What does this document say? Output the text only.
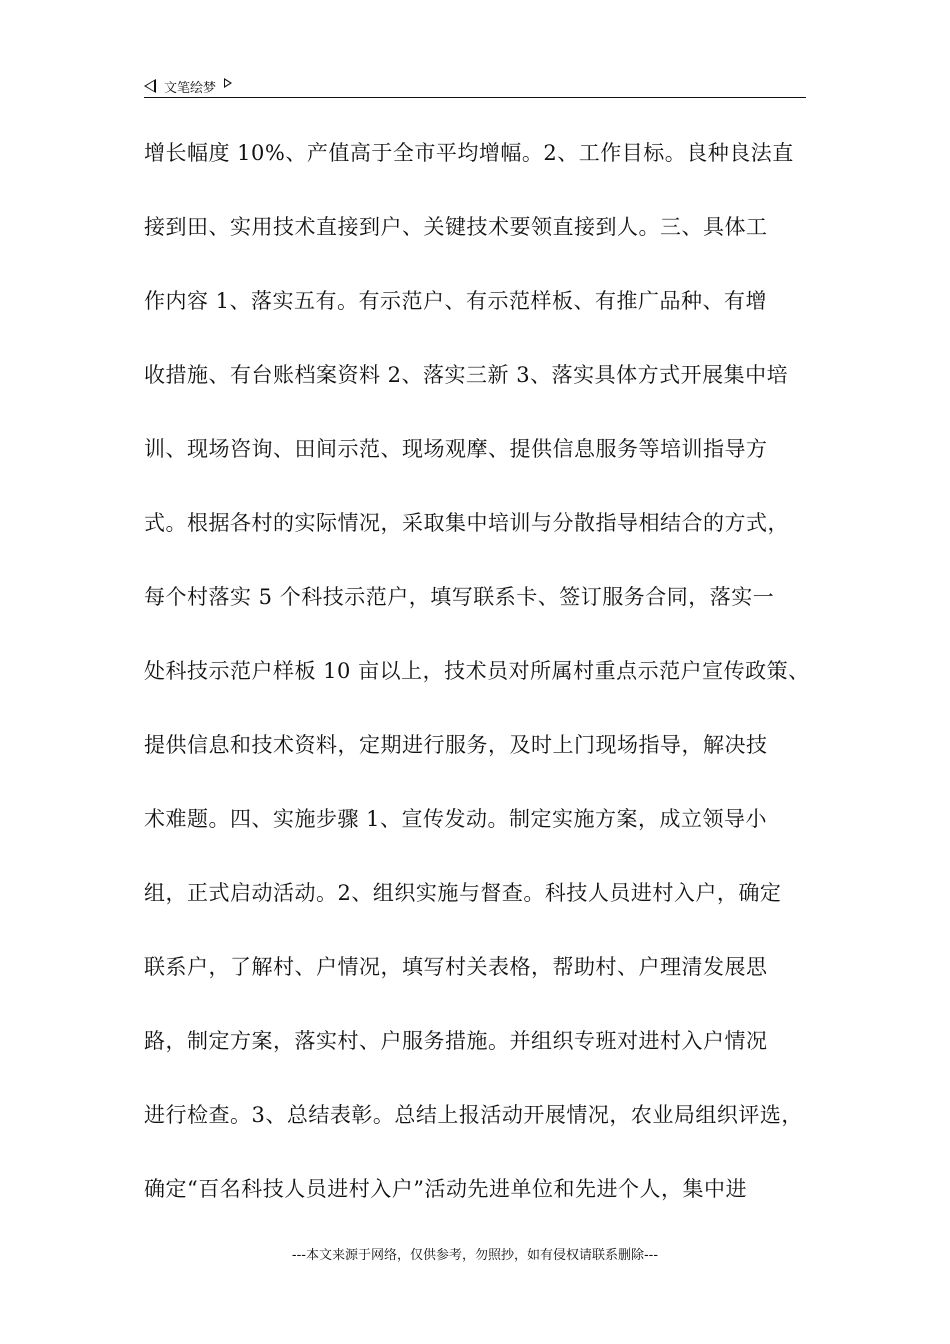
文笔绘梦
增长幅度 10%、产值高于全市平均增幅。2、工作目标。良种良法直
接到田、实用技术直接到户、关键技术要领直接到人。三、具体工
作内容 1、落实五有。有示范户、有示范样板、有推广品种、有增
收措施、有台账档案资料 2、落实三新 3、落实具体方式开展集中培
训、现场咨询、田间示范、现场观摩、提供信息服务等培训指导方
式。根据各村的实际情况，采取集中培训与分散指导相结合的方式，
每个村落实 5 个科技示范户，填写联系卡、签订服务合同，落实一
处科技示范户样板 10 亩以上，技术员对所属村重点示范户宣传政策、
提供信息和技术资料，定期进行服务，及时上门现场指导，解决技
术难题。四、实施步骤 1、宣传发动。制定实施方案，成立领导小
组，正式启动活动。2、组织实施与督查。科技人员进村入户，确定
联系户，了解村、户情况，填写村关表格，帮助村、户理清发展思
路，制定方案，落实村、户服务措施。并组织专班对进村入户情况
进行检查。3、总结表彰。总结上报活动开展情况，农业局组织评选，
确定“百名科技人员进村入户”活动先进单位和先进个人，集中进
---本文来源于网络，仅供参考，勿照抄，如有侵权请联系删除---
